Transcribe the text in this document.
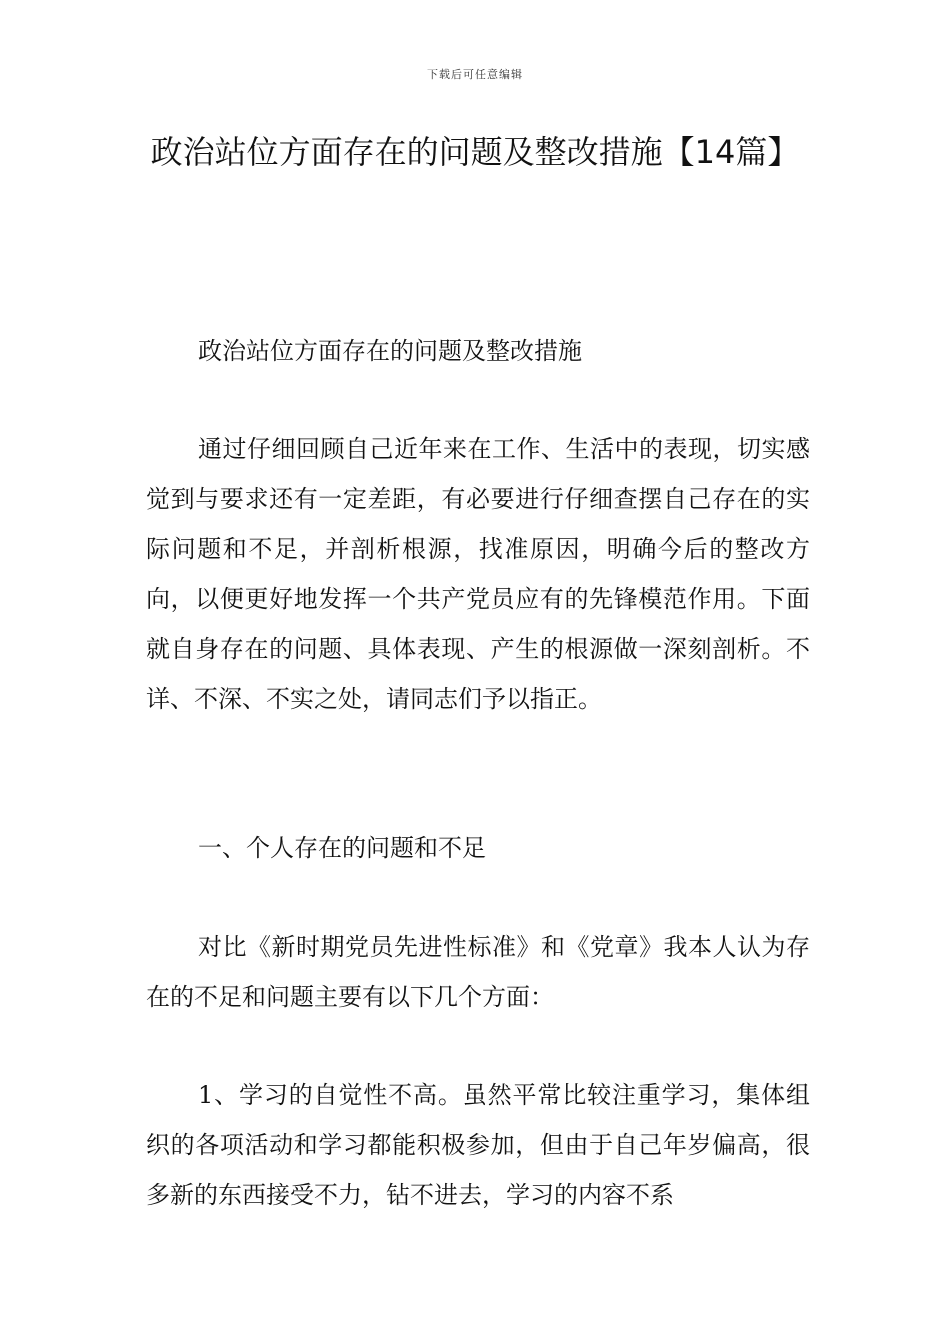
下载后可任意编辑
政治站位方面存在的问题及整改措施【14篇】

政治站位方面存在的问题及整改措施

通过仔细回顾自己近年来在工作、生活中的表现，切实感觉到与要求还有一定差距，有必要进行仔细查摆自己存在的实际问题和不足，并剖析根源，找准原因，明确今后的整改方向，以便更好地发挥一个共产党员应有的先锋模范作用。下面就自身存在的问题、具体表现、产生的根源做一深刻剖析。不详、不深、不实之处，请同志们予以指正。

一、个人存在的问题和不足

对比《新时期党员先进性标准》和《党章》我本人认为存在的不足和问题主要有以下几个方面：

1、学习的自觉性不高。虽然平常比较注重学习，集体组织的各项活动和学习都能积极参加，但由于自己年岁偏高，很多新的东西接受不力，钻不进去，学习的内容不系
